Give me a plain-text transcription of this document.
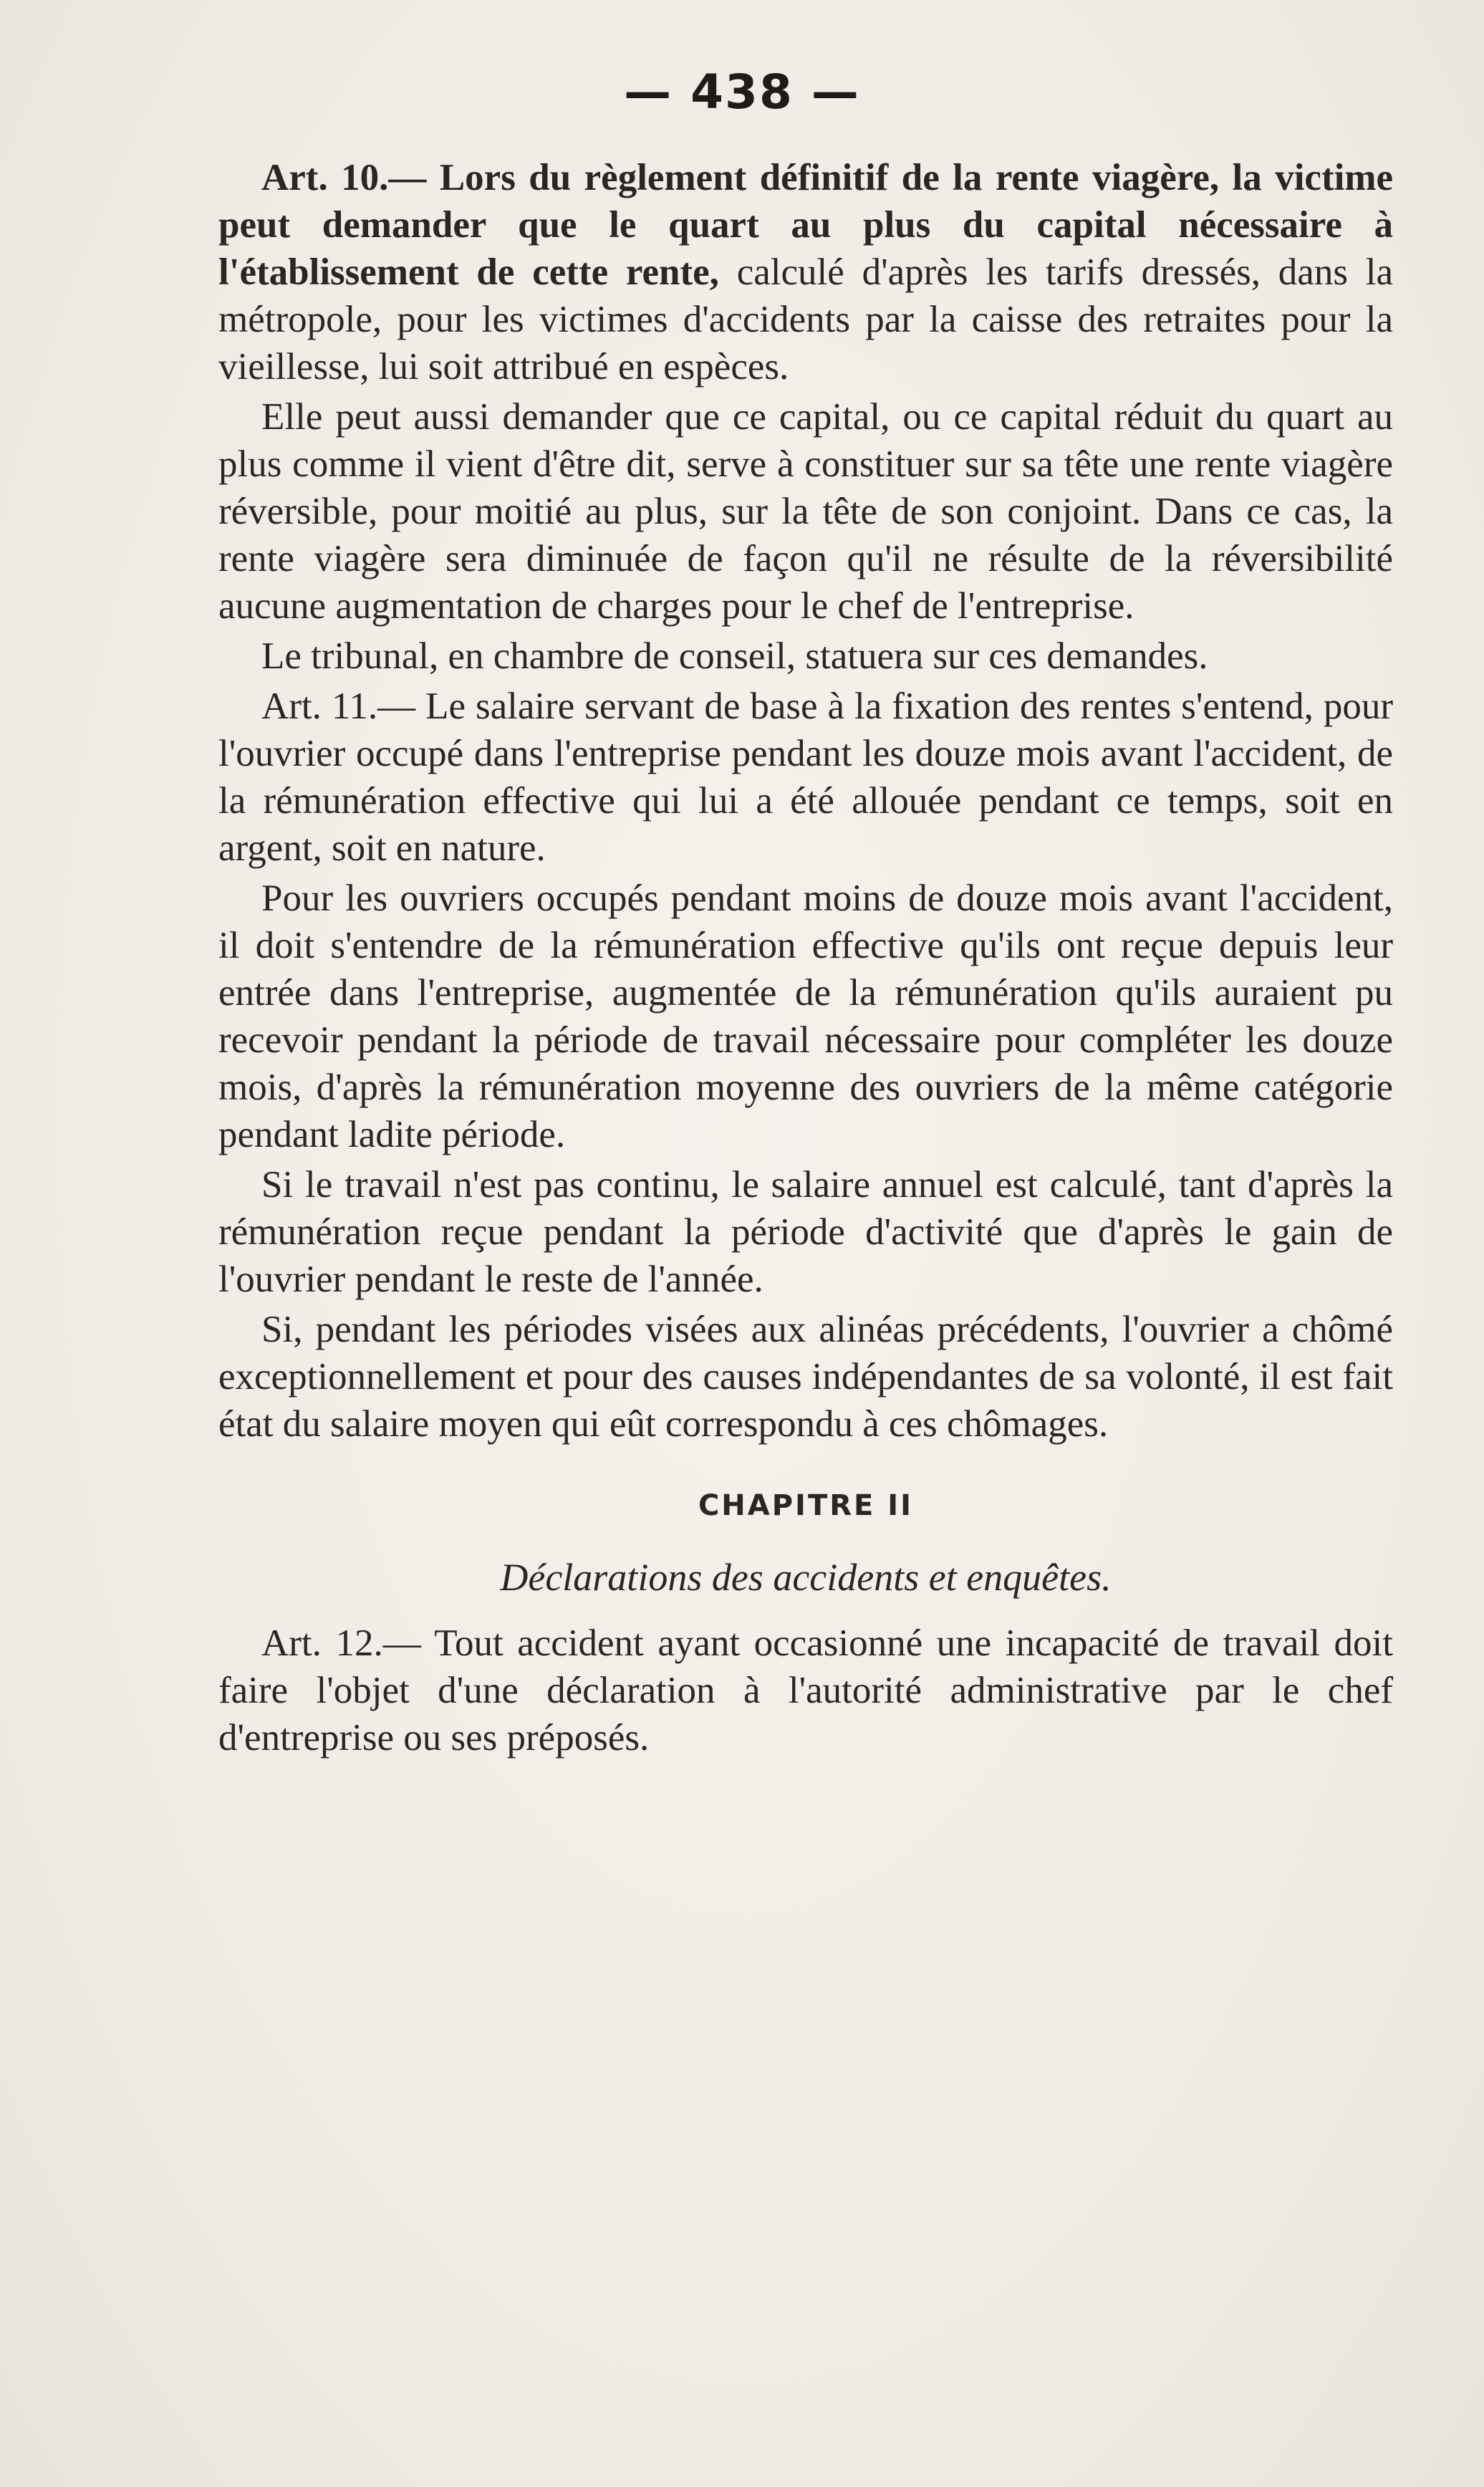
— 438 —

Art. 10.— Lors du règlement définitif de la rente viagère, la victime peut demander que le quart au plus du capital nécessaire à l'établissement de cette rente, calculé d'après les tarifs dressés, dans la métropole, pour les victimes d'accidents par la caisse des retraites pour la vieillesse, lui soit attribué en espèces.

Elle peut aussi demander que ce capital, ou ce capital réduit du quart au plus comme il vient d'être dit, serve à constituer sur sa tête une rente viagère réversible, pour moitié au plus, sur la tête de son conjoint. Dans ce cas, la rente viagère sera diminuée de façon qu'il ne résulte de la réversibilité aucune augmentation de charges pour le chef de l'entreprise.

Le tribunal, en chambre de conseil, statuera sur ces demandes.

Art. 11.— Le salaire servant de base à la fixation des rentes s'entend, pour l'ouvrier occupé dans l'entreprise pendant les douze mois avant l'accident, de la rémunération effective qui lui a été allouée pendant ce temps, soit en argent, soit en nature.

Pour les ouvriers occupés pendant moins de douze mois avant l'accident, il doit s'entendre de la rémunération effective qu'ils ont reçue depuis leur entrée dans l'entreprise, augmentée de la rémunération qu'ils auraient pu recevoir pendant la période de travail nécessaire pour compléter les douze mois, d'après la rémunération moyenne des ouvriers de la même catégorie pendant ladite période.

Si le travail n'est pas continu, le salaire annuel est calculé, tant d'après la rémunération reçue pendant la période d'activité que d'après le gain de l'ouvrier pendant le reste de l'année.

Si, pendant les périodes visées aux alinéas précédents, l'ouvrier a chômé exceptionnellement et pour des causes indépendantes de sa volonté, il est fait état du salaire moyen qui eût correspondu à ces chômages.

CHAPITRE II
Déclarations des accidents et enquêtes.

Art. 12.— Tout accident ayant occasionné une incapacité de travail doit faire l'objet d'une déclaration à l'autorité administrative par le chef d'entreprise ou ses préposés.
